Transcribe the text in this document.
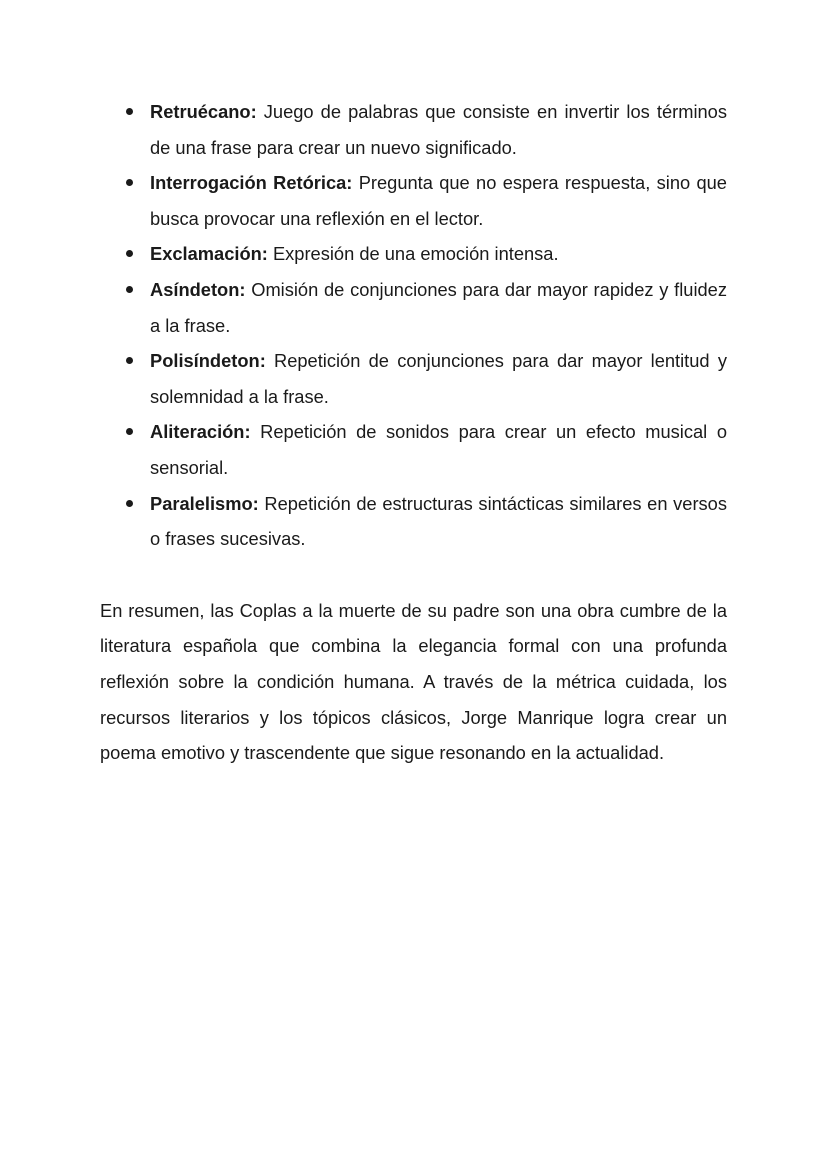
Retruécano: Juego de palabras que consiste en invertir los términos de una frase para crear un nuevo significado.
Interrogación Retórica: Pregunta que no espera respuesta, sino que busca provocar una reflexión en el lector.
Exclamación: Expresión de una emoción intensa.
Asíndeton: Omisión de conjunciones para dar mayor rapidez y fluidez a la frase.
Polisíndeton: Repetición de conjunciones para dar mayor lentitud y solemnidad a la frase.
Aliteración: Repetición de sonidos para crear un efecto musical o sensorial.
Paralelismo: Repetición de estructuras sintácticas similares en versos o frases sucesivas.

En resumen, las Coplas a la muerte de su padre son una obra cumbre de la literatura española que combina la elegancia formal con una profunda reflexión sobre la condición humana. A través de la métrica cuidada, los recursos literarios y los tópicos clásicos, Jorge Manrique logra crear un poema emotivo y trascendente que sigue resonando en la actualidad.
